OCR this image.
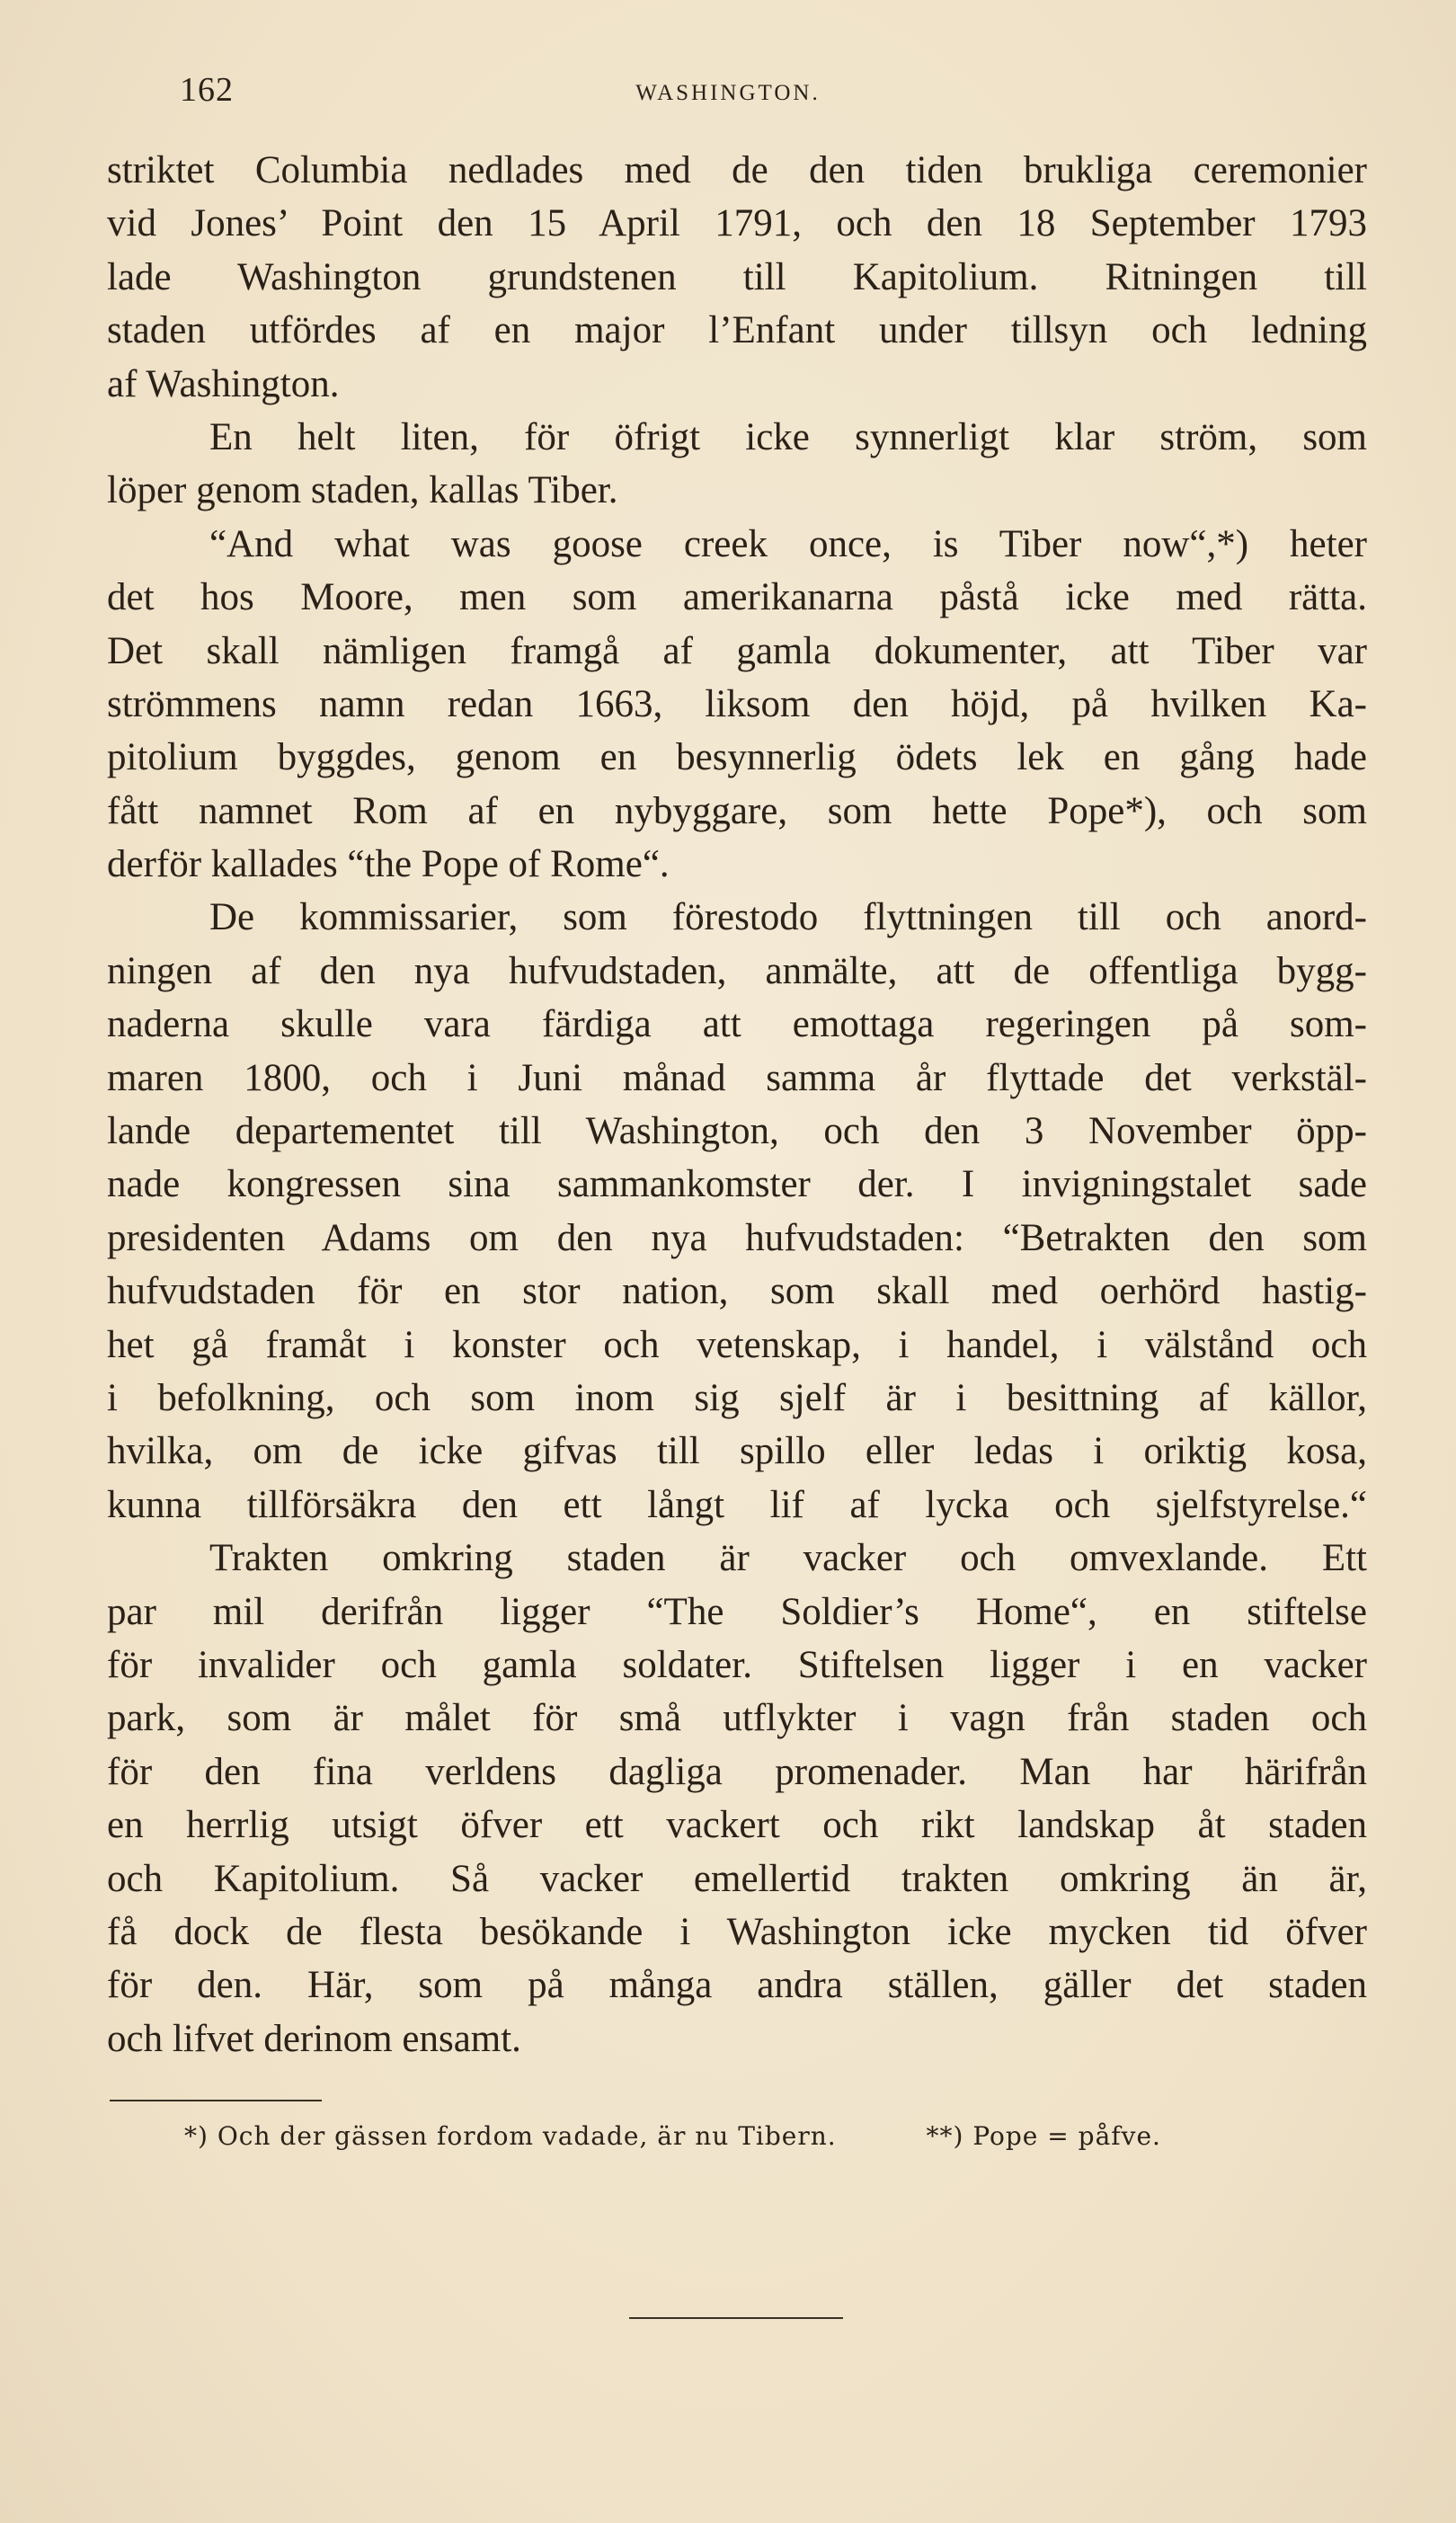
162	WASHINGTON.
striktet Columbia nedlades med de den tiden brukliga ceremonier
vid Jones’ Point den 15 April 1791, och den 18 September 1793
lade Washington grundstenen till Kapitolium. Ritningen till
staden utfördes af en major l’Enfant under tillsyn och ledning
af Washington.
En helt liten, för öfrigt icke synnerligt klar ström, som
löper genom staden, kallas Tiber.
“And what was goose creek once, is Tiber now“,*) heter
det hos Moore, men som amerikanarna påstå icke med rätta.
Det skall nämligen framgå af gamla dokumenter, att Tiber var
strömmens namn redan 1663, liksom den höjd, på hvilken Ka-
pitolium byggdes, genom en besynnerlig ödets lek en gång hade
fått namnet Rom af en nybyggare, som hette Pope*), och som
derför kallades “the Pope of Rome“.
De kommissarier, som förestodo flyttningen till och anord-
ningen af den nya hufvudstaden, anmälte, att de offentliga bygg-
naderna skulle vara färdiga att emottaga regeringen på som-
maren 1800, och i Juni månad samma år flyttade det verkstäl-
lande departementet till Washington, och den 3 November öpp-
nade kongressen sina sammankomster der. I invigningstalet sade
presidenten Adams om den nya hufvudstaden: “Betrakten den som
hufvudstaden för en stor nation, som skall med oerhörd hastig-
het gå framåt i konster och vetenskap, i handel, i välstånd och
i befolkning, och som inom sig sjelf är i besittning af källor,
hvilka, om de icke gifvas till spillo eller ledas i oriktig kosa,
kunna tillförsäkra den ett långt lif af lycka och sjelfstyrelse.“
Trakten omkring staden är vacker och omvexlande. Ett
par mil derifrån ligger “The Soldier’s Home“, en stiftelse
för invalider och gamla soldater. Stiftelsen ligger i en vacker
park, som är målet för små utflykter i vagn från staden och
för den fina verldens dagliga promenader. Man har härifrån
en herrlig utsigt öfver ett vackert och rikt landskap åt staden
och Kapitolium. Så vacker emellertid trakten omkring än är,
få dock de flesta besökande i Washington icke mycken tid öfver
för den. Här, som på många andra ställen, gäller det staden
och lifvet derinom ensamt.
*) Och der gässen fordom vadade, är nu Tibern.	**) Pope = påfve.
